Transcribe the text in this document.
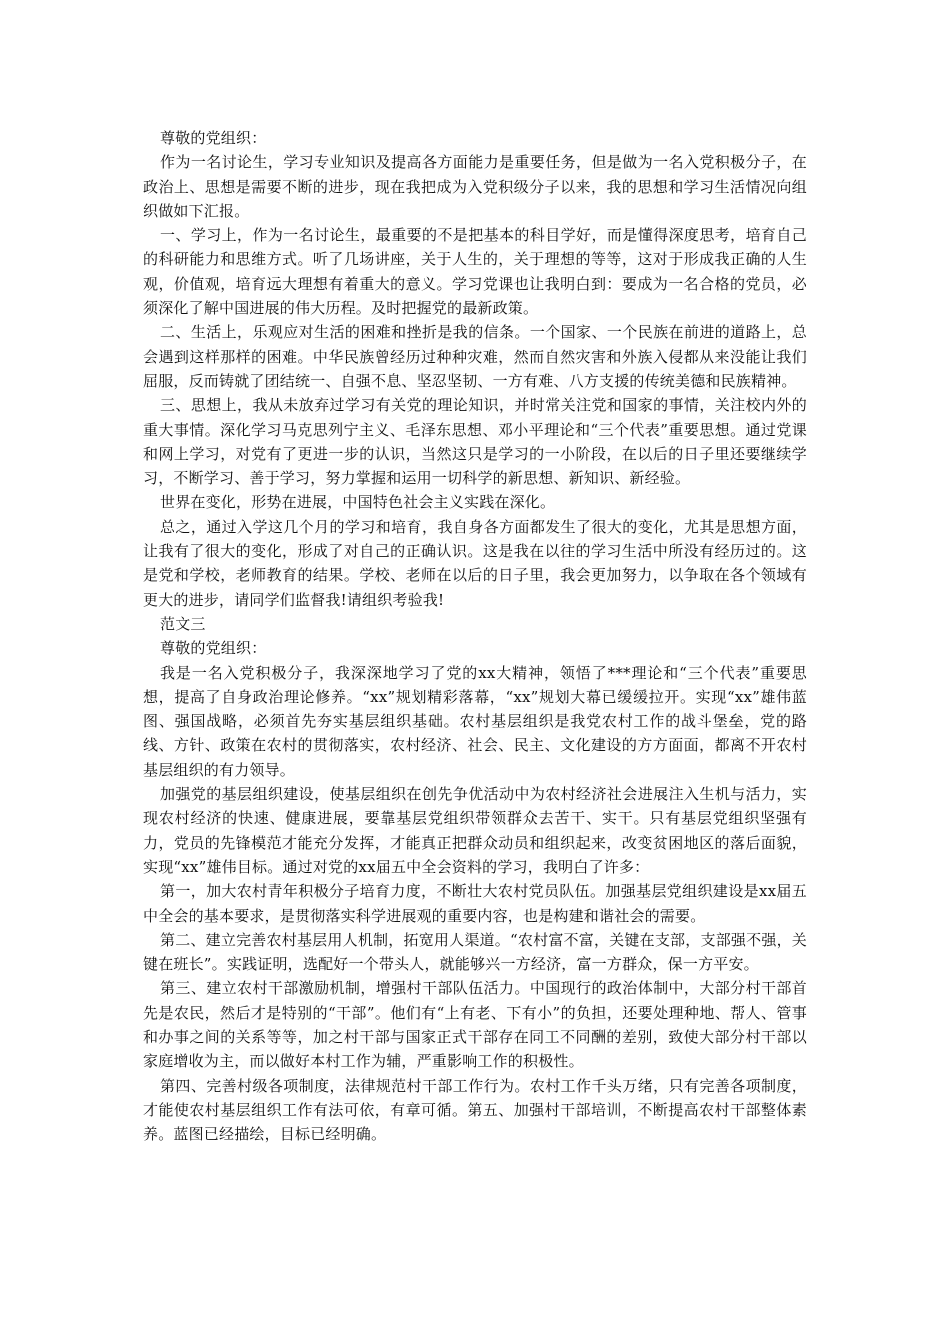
尊敬的党组织：

作为一名讨论生，学习专业知识及提高各方面能力是重要任务，但是做为一名入党积极分子，在政治上、思想是需要不断的进步，现在我把成为入党积级分子以来，我的思想和学习生活情况向组织做如下汇报。

一、学习上，作为一名讨论生，最重要的不是把基本的科目学好，而是懂得深度思考，培育自己的科研能力和思维方式。听了几场讲座，关于人生的，关于理想的等等，这对于形成我正确的人生观，价值观，培育远大理想有着重大的意义。学习党课也让我明白到：要成为一名合格的党员，必须深化了解中国进展的伟大历程。及时把握党的最新政策。

二、生活上，乐观应对生活的困难和挫折是我的信条。一个国家、一个民族在前进的道路上，总会遇到这样那样的困难。中华民族曾经历过种种灾难，然而自然灾害和外族入侵都从来没能让我们屈服，反而铸就了团结统一、自强不息、坚忍坚韧、一方有难、八方支援的传统美德和民族精神。

三、思想上，我从未放弃过学习有关党的理论知识，并时常关注党和国家的事情，关注校内外的重大事情。深化学习马克思列宁主义、毛泽东思想、邓小平理论和“三个代表”重要思想。通过党课和网上学习，对党有了更进一步的认识，当然这只是学习的一小阶段，在以后的日子里还要继续学习，不断学习、善于学习，努力掌握和运用一切科学的新思想、新知识、新经验。

世界在变化，形势在进展，中国特色社会主义实践在深化。

总之，通过入学这几个月的学习和培育，我自身各方面都发生了很大的变化，尤其是思想方面，让我有了很大的变化，形成了对自己的正确认识。这是我在以往的学习生活中所没有经历过的。这是党和学校，老师教育的结果。学校、老师在以后的日子里，我会更加努力，以争取在各个领域有更大的进步，请同学们监督我!请组织考验我!

范文三

尊敬的党组织：

我是一名入党积极分子，我深深地学习了党的xx大精神，领悟了***理论和“三个代表”重要思想，提高了自身政治理论修养。“xx”规划精彩落幕，“xx”规划大幕已缓缓拉开。实现“xx”雄伟蓝图、强国战略，必须首先夯实基层组织基础。农村基层组织是我党农村工作的战斗堡垒，党的路线、方针、政策在农村的贯彻落实，农村经济、社会、民主、文化建设的方方面面，都离不开农村基层组织的有力领导。

加强党的基层组织建设，使基层组织在创先争优活动中为农村经济社会进展注入生机与活力，实现农村经济的快速、健康进展，要靠基层党组织带领群众去苦干、实干。只有基层党组织坚强有力，党员的先锋模范才能充分发挥，才能真正把群众动员和组织起来，改变贫困地区的落后面貌，实现“xx”雄伟目标。通过对党的xx届五中全会资料的学习，我明白了许多：

第一，加大农村青年积极分子培育力度，不断壮大农村党员队伍。加强基层党组织建设是xx届五中全会的基本要求，是贯彻落实科学进展观的重要内容，也是构建和谐社会的需要。

第二、建立完善农村基层用人机制，拓宽用人渠道。“农村富不富，关键在支部，支部强不强，关键在班长”。实践证明，选配好一个带头人，就能够兴一方经济，富一方群众，保一方平安。

第三、建立农村干部激励机制，增强村干部队伍活力。中国现行的政治体制中，大部分村干部首先是农民，然后才是特别的“干部”。他们有“上有老、下有小”的负担，还要处理种地、帮人、管事和办事之间的关系等等，加之村干部与国家正式干部存在同工不同酬的差别，致使大部分村干部以家庭增收为主，而以做好本村工作为辅，严重影响工作的积极性。

第四、完善村级各项制度，法律规范村干部工作行为。农村工作千头万绪，只有完善各项制度，才能使农村基层组织工作有法可依，有章可循。第五、加强村干部培训，不断提高农村干部整体素养。蓝图已经描绘，目标已经明确。
